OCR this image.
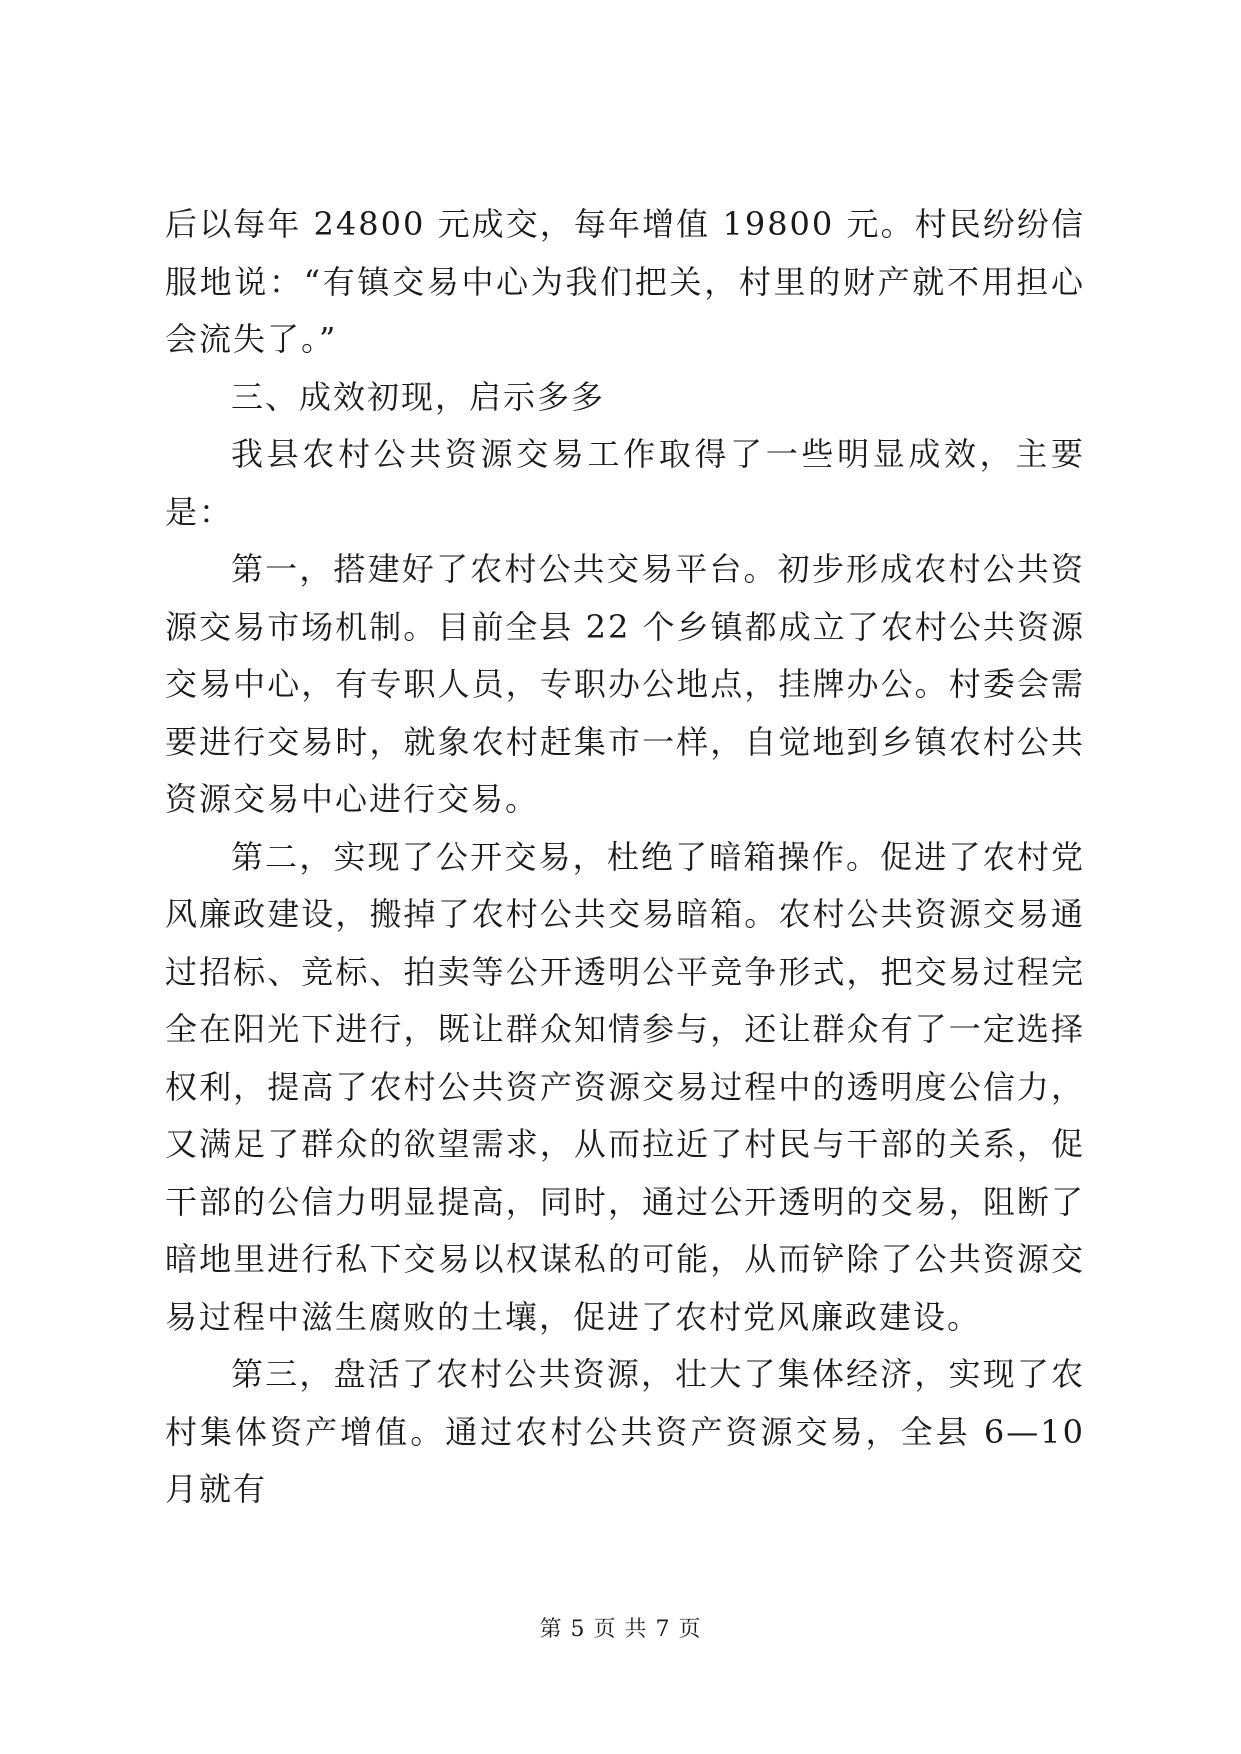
后以每年 24800 元成交，每年增值 19800 元。村民纷纷信服地说：“有镇交易中心为我们把关，村里的财产就不用担心会流失了。”

三、成效初现，启示多多

我县农村公共资源交易工作取得了一些明显成效，主要是：

第一，搭建好了农村公共交易平台。初步形成农村公共资源交易市场机制。目前全县 22 个乡镇都成立了农村公共资源交易中心，有专职人员，专职办公地点，挂牌办公。村委会需要进行交易时，就象农村赶集市一样，自觉地到乡镇农村公共资源交易中心进行交易。

第二，实现了公开交易，杜绝了暗箱操作。促进了农村党风廉政建设，搬掉了农村公共交易暗箱。农村公共资源交易通过招标、竞标、拍卖等公开透明公平竞争形式，把交易过程完全在阳光下进行，既让群众知情参与，还让群众有了一定选择权利，提高了农村公共资产资源交易过程中的透明度公信力，又满足了群众的欲望需求，从而拉近了村民与干部的关系，促干部的公信力明显提高，同时，通过公开透明的交易，阻断了暗地里进行私下交易以权谋私的可能，从而铲除了公共资源交易过程中滋生腐败的土壤，促进了农村党风廉政建设。

第三，盘活了农村公共资源，壮大了集体经济，实现了农村集体资产增值。通过农村公共资产资源交易，全县 6—10 月就有

第 5 页 共 7 页
